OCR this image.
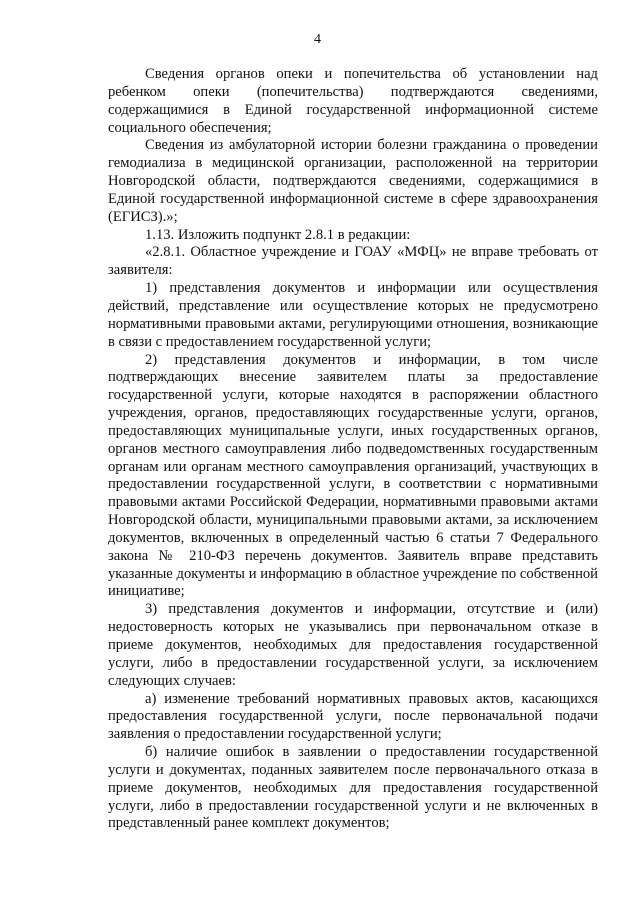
4

Сведения органов опеки и попечительства об установлении над ребенком опеки (попечительства) подтверждаются сведениями, содержащимися в Единой государственной информационной системе социального обеспечения;

Сведения из амбулаторной истории болезни гражданина о проведении гемодиализа в медицинской организации, расположенной на территории Новгородской области, подтверждаются сведениями, содержащимися в Единой государственной информационной системе в сфере здравоохранения (ЕГИСЗ).»;

1.13. Изложить подпункт 2.8.1 в редакции:

«2.8.1. Областное учреждение и ГОАУ «МФЦ» не вправе требовать от заявителя:

1) представления документов и информации или осуществления действий, представление или осуществление которых не предусмотрено нормативными правовыми актами, регулирующими отношения, возникающие в связи с предоставлением государственной услуги;

2) представления документов и информации, в том числе подтверждающих внесение заявителем платы за предоставление государственной услуги, которые находятся в распоряжении областного учреждения, органов, предоставляющих государственные услуги, органов, предоставляющих муниципальные услуги, иных государственных органов, органов местного самоуправления либо подведомственных государственным органам или органам местного самоуправления организаций, участвующих в предоставлении государственной услуги, в соответствии с нормативными правовыми актами Российской Федерации, нормативными правовыми актами Новгородской области, муниципальными правовыми актами, за исключением документов, включенных в определенный частью 6 статьи 7 Федерального закона № 210-ФЗ перечень документов. Заявитель вправе представить указанные документы и информацию в областное учреждение по собственной инициативе;

3) представления документов и информации, отсутствие и (или) недостоверность которых не указывались при первоначальном отказе в приеме документов, необходимых для предоставления государственной услуги, либо в предоставлении государственной услуги, за исключением следующих случаев:

а) изменение требований нормативных правовых актов, касающихся предоставления государственной услуги, после первоначальной подачи заявления о предоставлении государственной услуги;

б) наличие ошибок в заявлении о предоставлении государственной услуги и документах, поданных заявителем после первоначального отказа в приеме документов, необходимых для предоставления государственной услуги, либо в предоставлении государственной услуги и не включенных в представленный ранее комплект документов;
